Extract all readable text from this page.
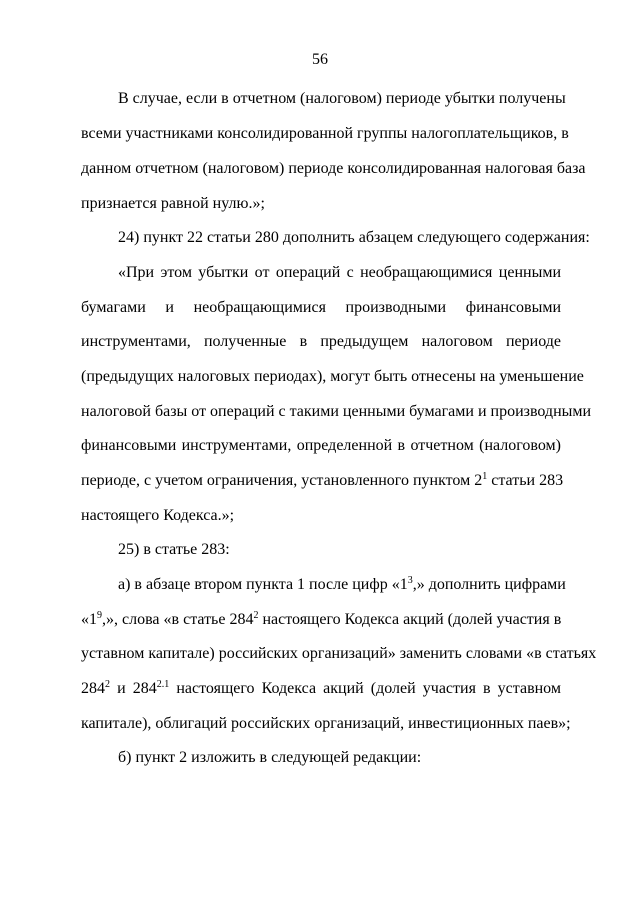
56
В случае, если в отчетном (налоговом) периоде убытки получены
всеми участниками консолидированной группы налогоплательщиков, в
данном отчетном (налоговом) периоде консолидированная налоговая база
признается равной нулю.»;
24) пункт 22 статьи 280 дополнить абзацем следующего содержания:
«При этом убытки от операций с необращающимися ценными
бумагами и необращающимися производными финансовыми
инструментами, полученные в предыдущем налоговом периоде
(предыдущих налоговых периодах), могут быть отнесены на уменьшение
налоговой базы от операций с такими ценными бумагами и производными
финансовыми инструментами, определенной в отчетном (налоговом)
периоде, с учетом ограничения, установленного пунктом $2^1$ статьи 283
настоящего Кодекса.»;
25) в статье 283:
а) в абзаце втором пункта 1 после цифр «$1^3$,» дополнить цифрами
«$1^9$,», слова «в статье $284^2$ настоящего Кодекса акций (долей участия в
уставном капитале) российских организаций» заменить словами «в статьях
$284^2$ и $284^{2.1}$ настоящего Кодекса акций (долей участия в уставном
капитале), облигаций российских организаций, инвестиционных паев»;
б) пункт 2 изложить в следующей редакции:
